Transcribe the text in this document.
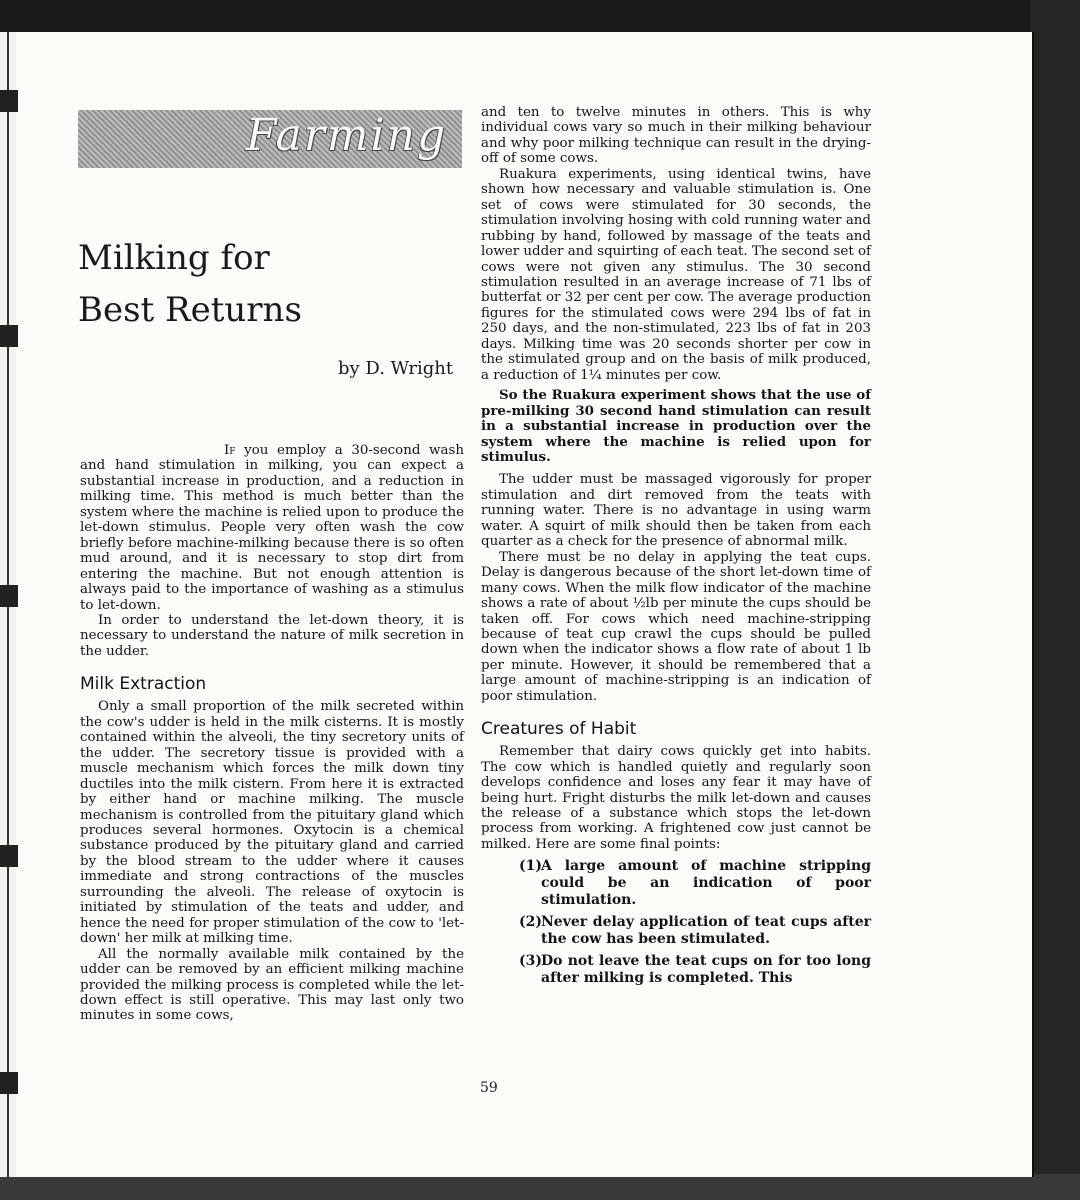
Farming
Milking for
Best Returns
by D. Wright

If you employ a 30-second wash and hand stimulation in milking, you can expect a substantial increase in production, and a reduction in milking time. This method is much better than the system where the machine is relied upon to produce the let-down stimulus. People very often wash the cow briefly before machine-milking because there is so often mud around, and it is necessary to stop dirt from entering the machine. But not enough attention is always paid to the importance of washing as a stimulus to let-down.

In order to understand the let-down theory, it is necessary to understand the nature of milk secretion in the udder.

Milk Extraction

Only a small proportion of the milk secreted within the cow's udder is held in the milk cisterns. It is mostly contained within the alveoli, the tiny secretory units of the udder. The secretory tissue is provided with a muscle mechanism which forces the milk down tiny ductiles into the milk cistern. From here it is extracted by either hand or machine milking. The muscle mechanism is controlled from the pituitary gland which produces several hormones. Oxytocin is a chemical substance produced by the pituitary gland and carried by the blood stream to the udder where it causes immediate and strong contractions of the muscles surrounding the alveoli. The release of oxytocin is initiated by stimulation of the teats and udder, and hence the need for proper stimulation of the cow to 'let-down' her milk at milking time.

All the normally available milk contained by the udder can be removed by an efficient milking machine provided the milking process is completed while the let-down effect is still operative. This may last only two minutes in some cows,

and ten to twelve minutes in others. This is why individual cows vary so much in their milking behaviour and why poor milking technique can result in the drying-off of some cows.

Ruakura experiments, using identical twins, have shown how necessary and valuable stimulation is. One set of cows were stimulated for 30 seconds, the stimulation involving hosing with cold running water and rubbing by hand, followed by massage of the teats and lower udder and squirting of each teat. The second set of cows were not given any stimulus. The 30 second stimulation resulted in an average increase of 71 lbs of butterfat or 32 per cent per cow. The average production figures for the stimulated cows were 294 lbs of fat in 250 days, and the non-stimulated, 223 lbs of fat in 203 days. Milking time was 20 seconds shorter per cow in the stimulated group and on the basis of milk produced, a reduction of 1¼ minutes per cow.

So the Ruakura experiment shows that the use of pre-milking 30 second hand stimulation can result in a substantial increase in production over the system where the machine is relied upon for stimulus.

The udder must be massaged vigorously for proper stimulation and dirt removed from the teats with running water. There is no advantage in using warm water. A squirt of milk should then be taken from each quarter as a check for the presence of abnormal milk.

There must be no delay in applying the teat cups. Delay is dangerous because of the short let-down time of many cows. When the milk flow indicator of the machine shows a rate of about ½lb per minute the cups should be taken off. For cows which need machine-stripping because of teat cup crawl the cups should be pulled down when the indicator shows a flow rate of about 1 lb per minute. However, it should be remembered that a large amount of machine-stripping is an indication of poor stimulation.

Creatures of Habit

Remember that dairy cows quickly get into habits. The cow which is handled quietly and regularly soon develops confidence and loses any fear it may have of being hurt. Fright disturbs the milk let-down and causes the release of a substance which stops the let-down process from working. A frightened cow just cannot be milked. Here are some final points:

(1) A large amount of machine stripping could be an indication of poor stimulation.
(2) Never delay application of teat cups after the cow has been stimulated.
(3) Do not leave the teat cups on for too long after milking is completed. This
59
